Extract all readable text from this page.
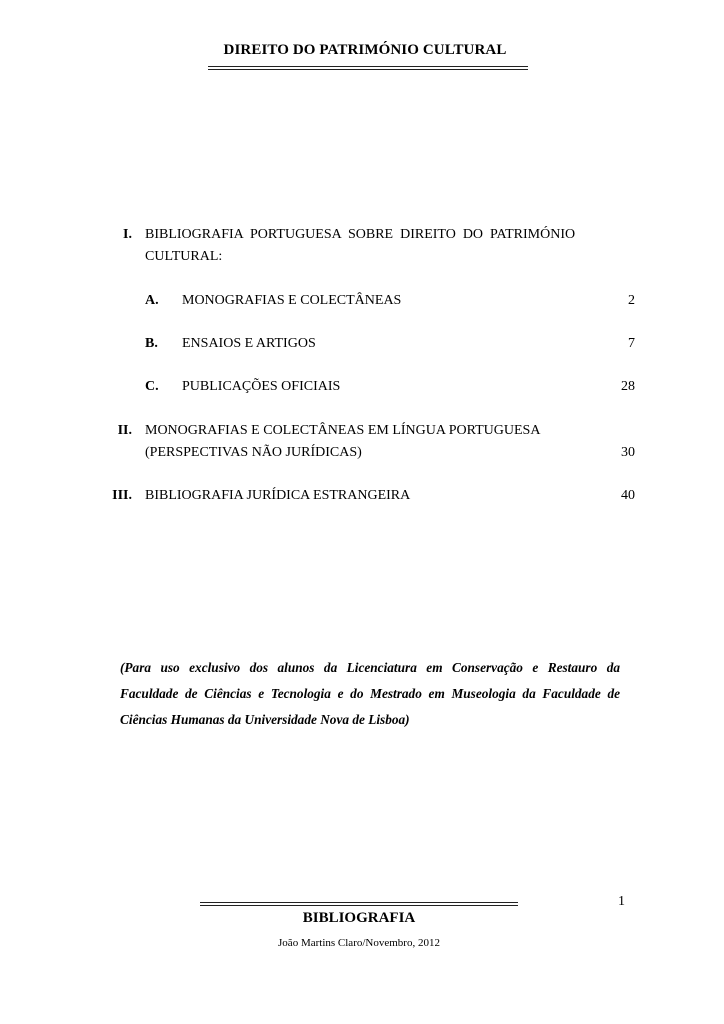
DIREITO DO PATRIMÓNIO CULTURAL
I. BIBLIOGRAFIA  PORTUGUESA  SOBRE  DIREITO  DO  PATRIMÓNIO
CULTURAL:
A. MONOGRAFIAS E COLECTÂNEAS	2
B. ENSAIOS E ARTIGOS	7
C. PUBLICAÇÕES OFICIAIS	28
II. MONOGRAFIAS E COLECTÂNEAS EM LÍNGUA PORTUGUESA
(PERSPECTIVAS NÃO JURÍDICAS)	30
III. BIBLIOGRAFIA JURÍDICA ESTRANGEIRA	40
(Para uso exclusivo dos alunos da Licenciatura em Conservação e Restauro da
Faculdade de Ciências e Tecnologia e do Mestrado em Museologia da Faculdade de
Ciências Humanas da Universidade Nova de Lisboa)
1
BIBLIOGRAFIA
João Martins Claro/Novembro, 2012
